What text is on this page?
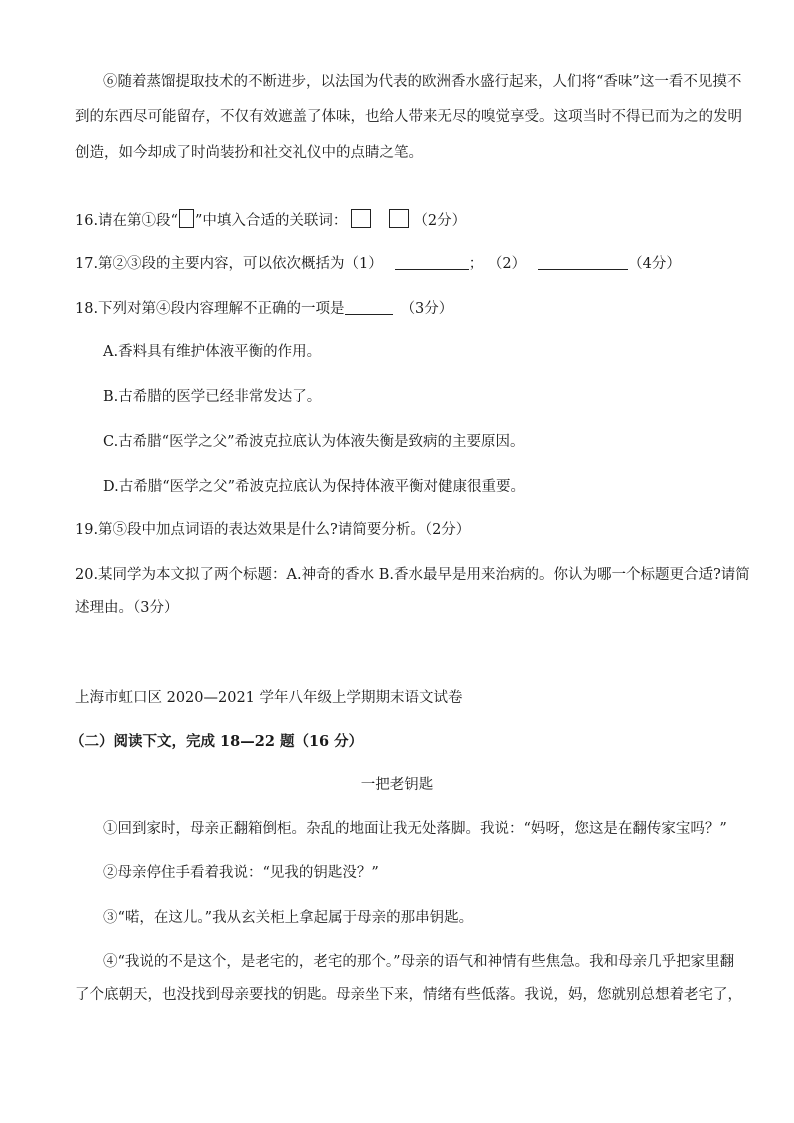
⑥随着蒸馏提取技术的不断进步，以法国为代表的欧洲香水盛行起来，人们将“香味”这一看不见摸不
到的东西尽可能留存，不仅有效遮盖了体味，也给人带来无尽的嗅觉享受。这项当时不得已而为之的发明
创造，如今却成了时尚装扮和社交礼仪中的点睛之笔。
16.请在第①段“ ”中填入合适的关联词：	（2分）
17.第②③段的主要内容，可以依次概括为（1）	； （2）	（4分）
18.下列对第④段内容理解不正确的一项是	（3分）
A.香料具有维护体液平衡的作用。
B.古希腊的医学已经非常发达了。
C.古希腊“医学之父”希波克拉底认为体液失衡是致病的主要原因。
D.古希腊“医学之父”希波克拉底认为保持体液平衡对健康很重要。
19.第⑤段中加点词语的表达效果是什么?请简要分析。（2分）
20.某同学为本文拟了两个标题：A.神奇的香水 B.香水最早是用来治病的。你认为哪一个标题更合适?请简
述理由。（3分）
上海市虹口区 2020—2021 学年八年级上学期期末语文试卷
（二）阅读下文，完成 18—22 题（16 分）
一把老钥匙
①回到家时，母亲正翻箱倒柜。杂乱的地面让我无处落脚。我说：“妈呀，您这是在翻传家宝吗？”
②母亲停住手看着我说：“见我的钥匙没？”
③“喏，在这儿。”我从玄关柜上拿起属于母亲的那串钥匙。
④“我说的不是这个，是老宅的，老宅的那个。”母亲的语气和神情有些焦急。我和母亲几乎把家里翻
了个底朝天，也没找到母亲要找的钥匙。母亲坐下来，情绪有些低落。我说，妈，您就别总想着老宅了，
